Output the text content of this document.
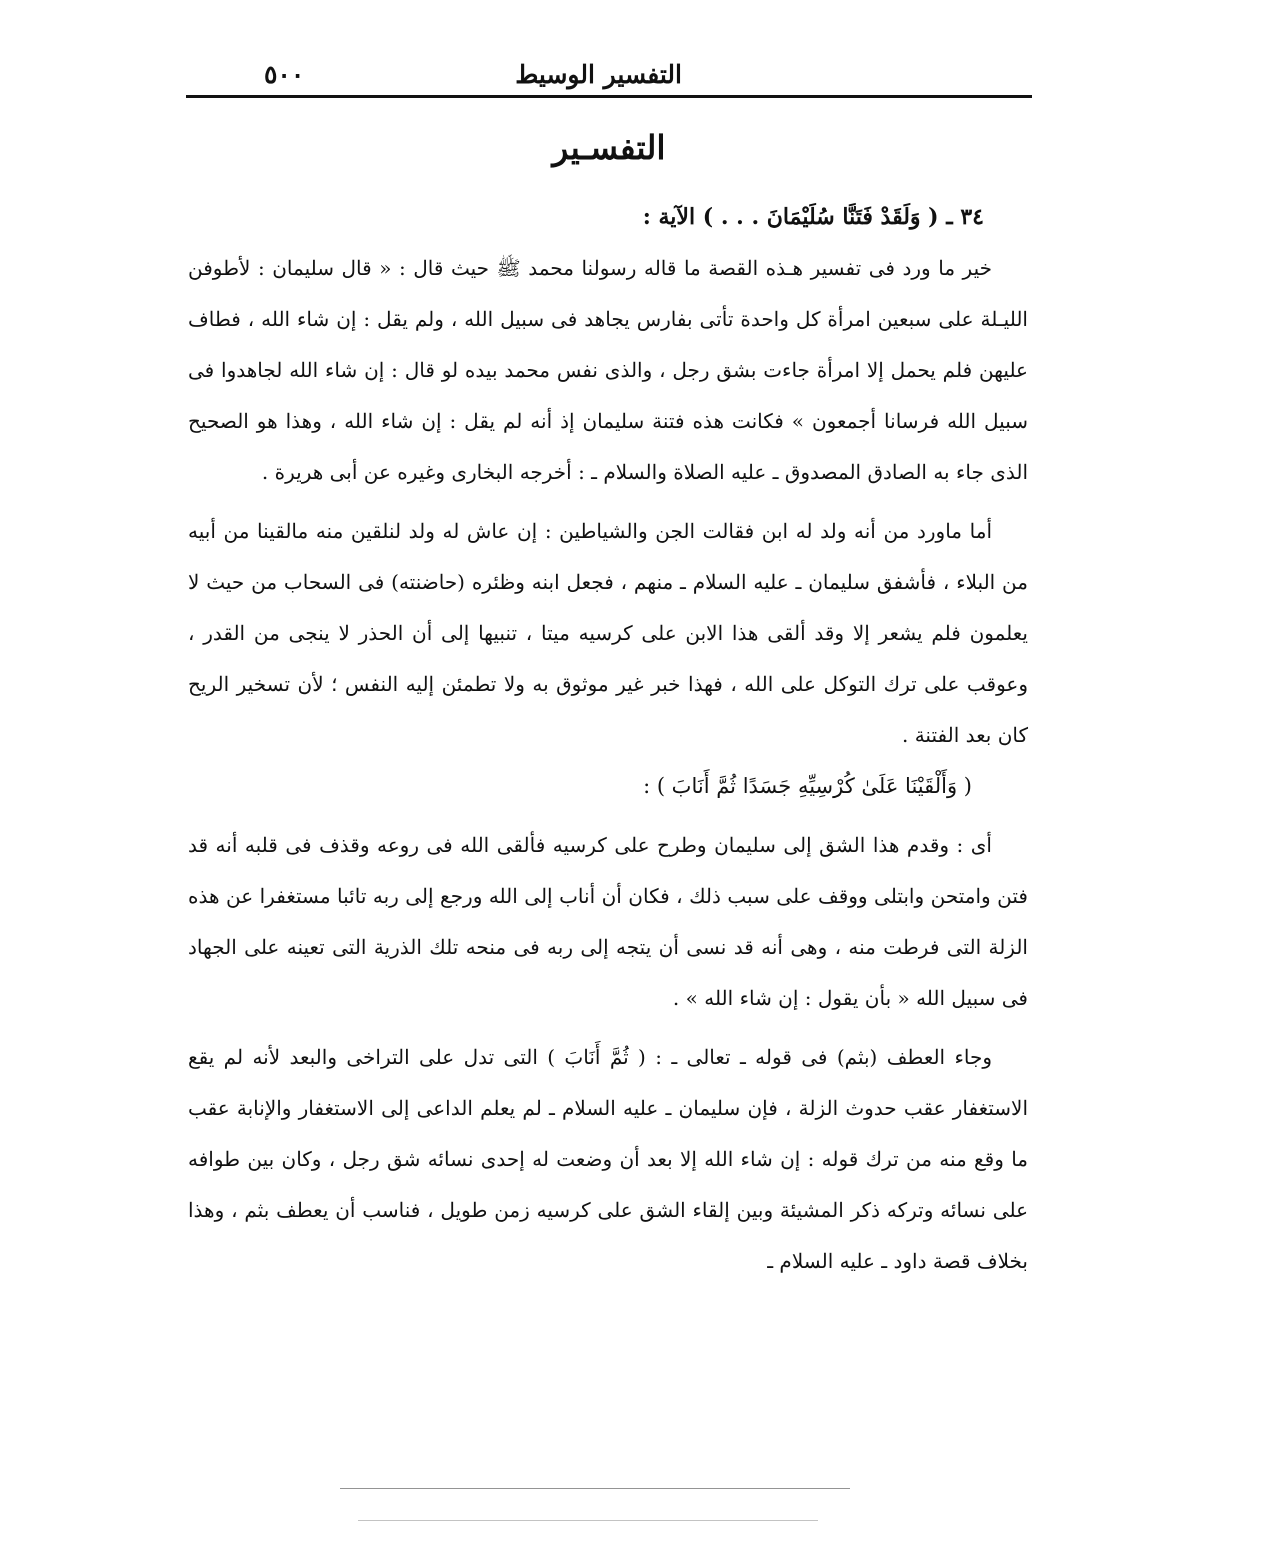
التفسير الوسيط
٥٠٠
التفسـير

٣٤ ـ ( وَلَقَدْ فَتَنَّا سُلَيْمَانَ . . . ) الآية :

خير ما ورد فى تفسير هـذه القصة ما قاله رسولنا محمد ﷺ حيث قال : « قال سليمان : لأطوفن الليـلة على سبعين امرأة كل واحدة تأتى بفارس يجاهد فى سبيل الله ، ولم يقل : إن شاء الله ، فطاف عليهن فلم يحمل إلا امرأة جاءت بشق رجل ، والذى نفس محمد بيده لو قال : إن شاء الله لجاهدوا فى سبيل الله فرسانا أجمعون » فكانت هذه فتنة سليمان إذ أنه لم يقل : إن شاء الله ، وهذا هو الصحيح الذى جاء به الصادق المصدوق ـ عليه الصلاة والسلام ـ : أخرجه البخارى وغيره عن أبى هريرة .

أما ماورد من أنه ولد له ابن فقالت الجن والشياطين : إن عاش له ولد لنلقين منه مالقينا من أبيه من البلاء ، فأشفق سليمان ـ عليه السلام ـ منهم ، فجعل ابنه وظئره (حاضنته) فى السحاب من حيث لا يعلمون فلم يشعر إلا وقد ألقى هذا الابن على كرسيه ميتا ، تنبيها إلى أن الحذر لا ينجى من القدر ، وعوقب على ترك التوكل على الله ، فهذا خبر غير موثوق به ولا تطمئن إليه النفس ؛ لأن تسخير الريح كان بعد الفتنة .

( وَأَلْقَيْنَا عَلَىٰ كُرْسِيِّهِ جَسَدًا ثُمَّ أَنَابَ ) :

أى : وقدم هذا الشق إلى سليمان وطرح على كرسيه فألقى الله فى روعه وقذف فى قلبه أنه قد فتن وامتحن وابتلى ووقف على سبب ذلك ، فكان أن أناب إلى الله ورجع إلى ربه تائبا مستغفرا عن هذه الزلة التى فرطت منه ، وهى أنه قد نسى أن يتجه إلى ربه فى منحه تلك الذرية التى تعينه على الجهاد فى سبيل الله « بأن يقول : إن شاء الله » .

وجاء العطف (بثم) فى قوله ـ تعالى ـ : ( ثُمَّ أَنَابَ ) التى تدل على التراخى والبعد لأنه لم يقع الاستغفار عقب حدوث الزلة ، فإن سليمان ـ عليه السلام ـ لم يعلم الداعى إلى الاستغفار والإنابة عقب ما وقع منه من ترك قوله : إن شاء الله إلا بعد أن وضعت له إحدى نسائه شق رجل ، وكان بين طوافه على نسائه وتركه ذكر المشيئة وبين إلقاء الشق على كرسيه زمن طويل ، فناسب أن يعطف بثم ، وهذا بخلاف قصة داود ـ عليه السلام ـ
